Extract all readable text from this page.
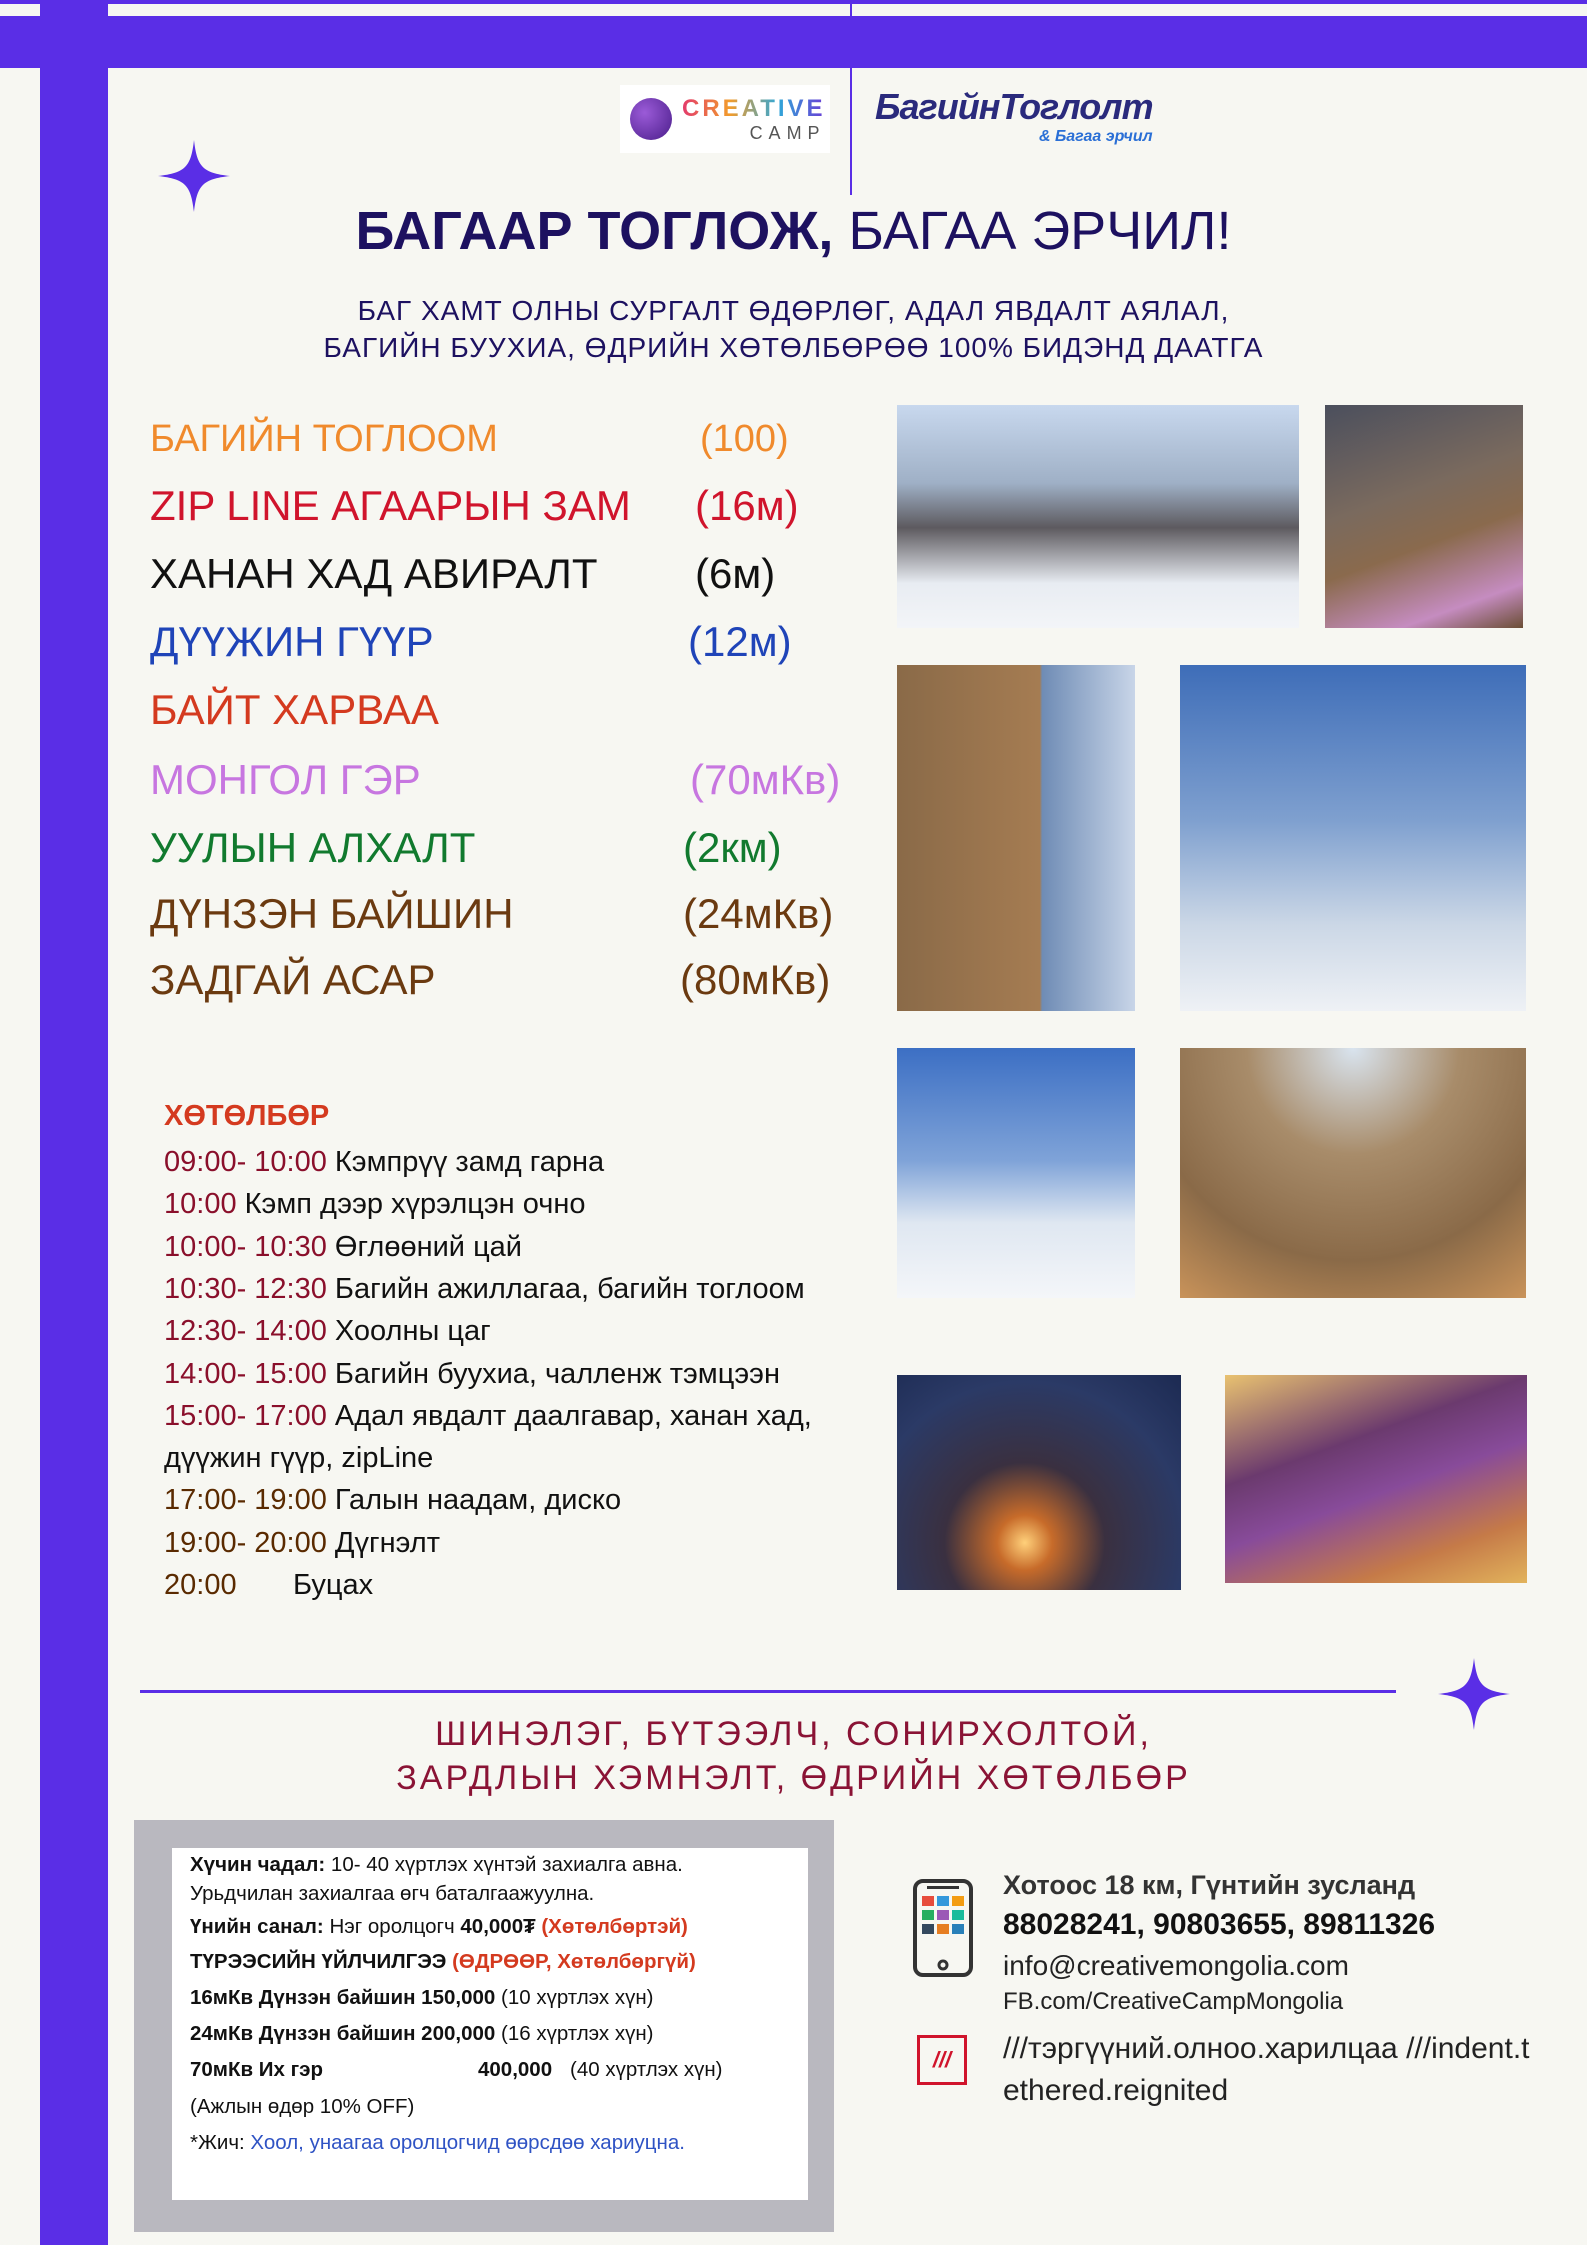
CREATIVE
CAMP
БагийнТоглолт
& Багаа эрчил
БАГААР ТОГЛОЖ, БАГАА ЭРЧИЛ!
БАГ ХАМТ ОЛНЫ СУРГАЛТ ӨДӨРЛӨГ, АДАЛ ЯВДАЛТ АЯЛАЛ,
БАГИЙН БУУХИА, ӨДРИЙН ХӨТӨЛБӨРӨӨ 100% БИДЭНД ДААТГА
БАГИЙН ТОГЛООМ	(100)
ZIP LINE АГААРЫН ЗАМ (16м)
ХАНАН ХАД АВИРАЛТ (6м)
ДҮҮЖИН ГҮҮР	(12м)
БАЙТ ХАРВАА
МОНГОЛ ГЭР	(70мКв)
УУЛЫН АЛХАЛТ	(2км)
ДҮНЗЭН БАЙШИН	(24мКв)
ЗАДГАЙ АСАР	(80мКв)
ХӨТӨЛБӨР
09:00- 10:00 Кэмпрүү замд гарна
10:00 Кэмп дээр хүрэлцэн очно
10:00- 10:30 Өглөөний цай
10:30- 12:30 Багийн ажиллагаа, багийн тоглоом
12:30- 14:00 Хоолны цаг
14:00- 15:00 Багийн буухиа, чалленж тэмцээн
15:00- 17:00 Адал явдалт даалгавар, ханан хад,
дүүжин гүүр, zipLine
17:00- 19:00 Галын наадам, диско
19:00- 20:00 Дүгнэлт
20:00       Буцах
ШИНЭЛЭГ, БҮТЭЭЛЧ, СОНИРХОЛТОЙ,
ЗАРДЛЫН ХЭМНЭЛТ, ӨДРИЙН ХӨТӨЛБӨР
Хүчин чадал: 10- 40 хүртлэх хүнтэй захиалга авна.
Урьдчилан захиалгаа өгч баталгаажуулна.
Үнийн санал: Нэг оролцогч 40,000₮ (Хөтөлбөртэй)
ТҮРЭЭСИЙН ҮЙЛЧИЛГЭЭ (ӨДРӨӨР, Хөтөлбөргүй)
16мКв Дүнзэн байшин 150,000 (10 хүртлэх хүн)
24мКв Дүнзэн байшин 200,000 (16 хүртлэх хүн)
70мКв Их гэр	400,000 (40 хүртлэх хүн)
(Ажлын өдөр 10% OFF)
*Жич: Хоол, унаагаа оролцогчид өөрсдөө хариуцна.
///
Хотоос 18 км, Гүнтийн зусланд
88028241, 90803655, 89811326
info@creativemongolia.com
FB.com/CreativeCampMongolia
///тэргүүний.олноо.харилцаа ///indent.t
ethered.reignited
